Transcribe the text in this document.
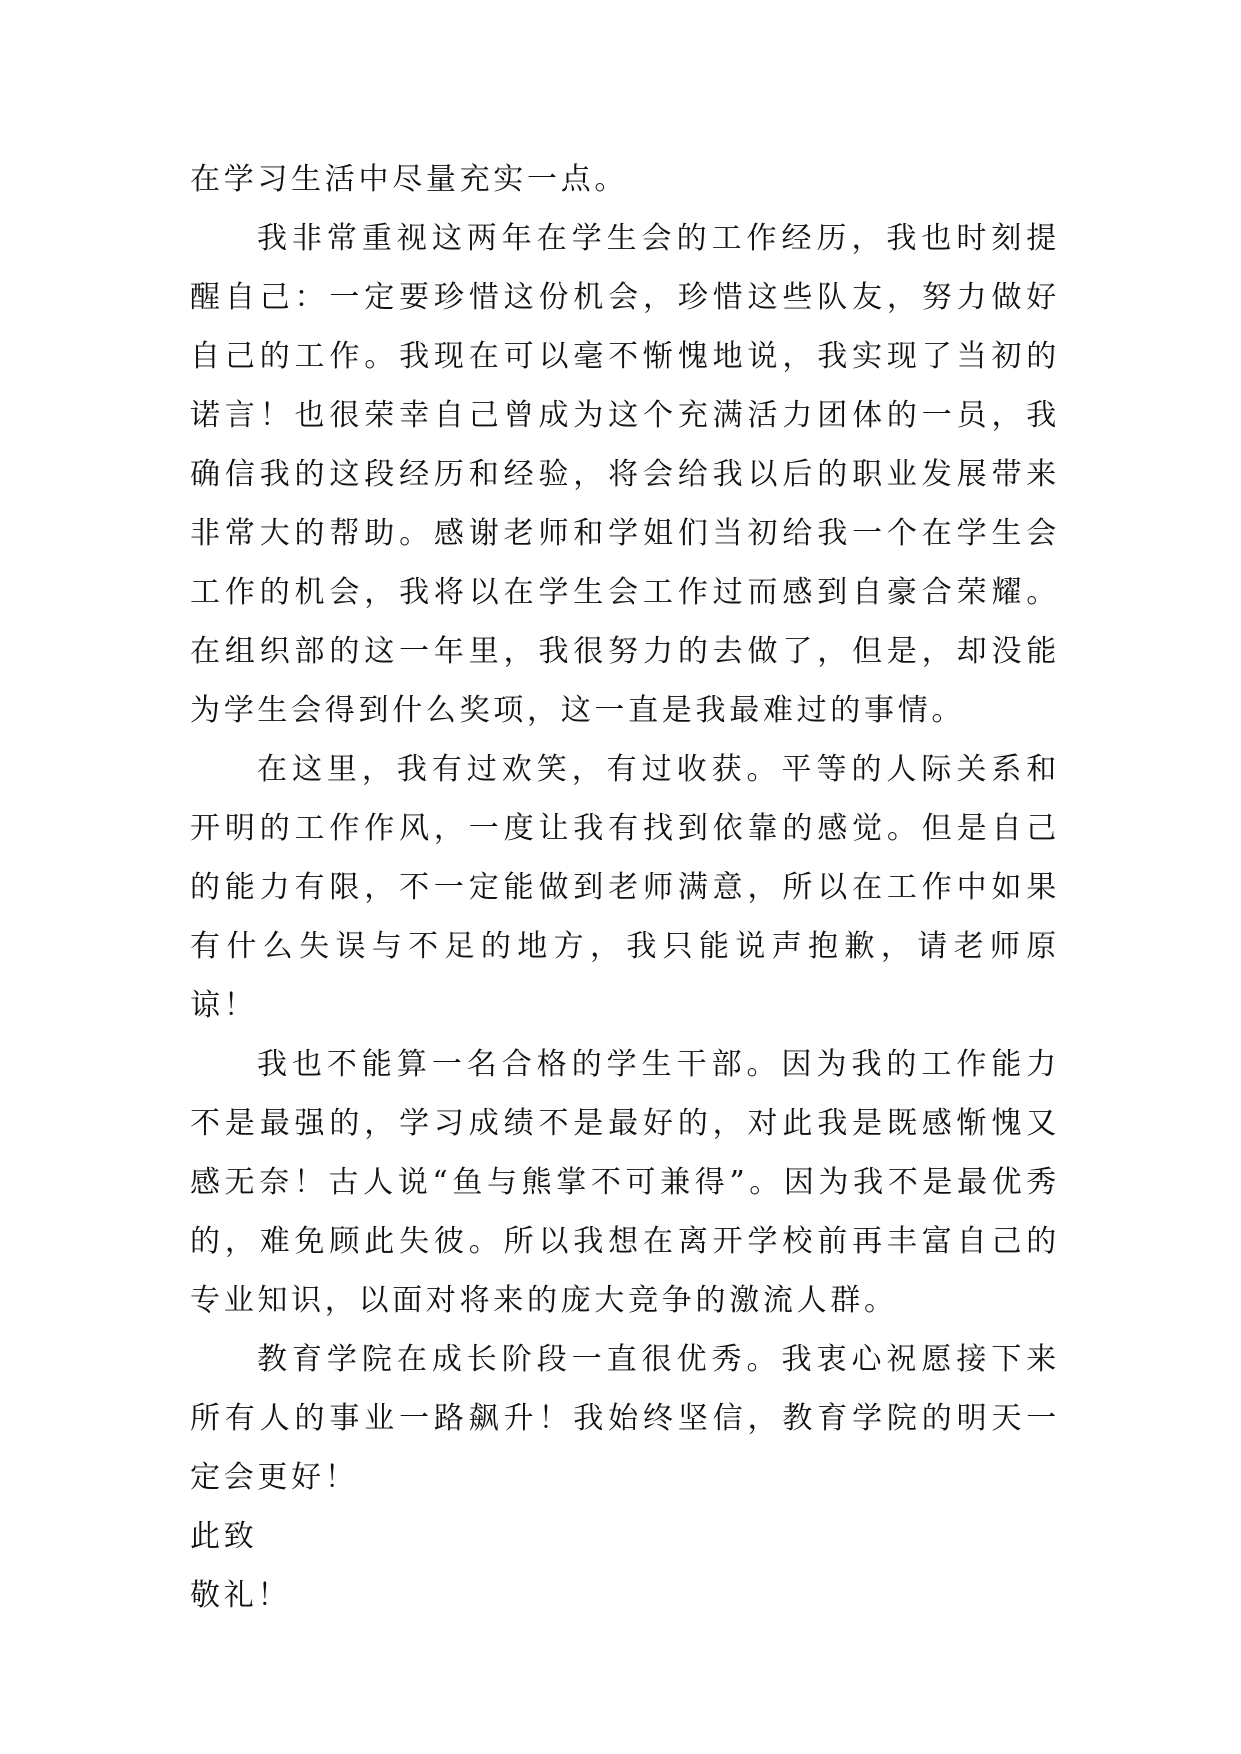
在学习生活中尽量充实一点。

我非常重视这两年在学生会的工作经历，我也时刻提醒自己：一定要珍惜这份机会，珍惜这些队友，努力做好自己的工作。我现在可以毫不惭愧地说，我实现了当初的诺言！也很荣幸自己曾成为这个充满活力团体的一员，我确信我的这段经历和经验，将会给我以后的职业发展带来非常大的帮助。感谢老师和学姐们当初给我一个在学生会工作的机会，我将以在学生会工作过而感到自豪合荣耀。在组织部的这一年里，我很努力的去做了，但是，却没能为学生会得到什么奖项，这一直是我最难过的事情。

在这里，我有过欢笑，有过收获。平等的人际关系和开明的工作作风，一度让我有找到依靠的感觉。但是自己的能力有限，不一定能做到老师满意，所以在工作中如果有什么失误与不足的地方，我只能说声抱歉，请老师原谅！

我也不能算一名合格的学生干部。因为我的工作能力不是最强的，学习成绩不是最好的，对此我是既感惭愧又感无奈！古人说“鱼与熊掌不可兼得”。因为我不是最优秀的，难免顾此失彼。所以我想在离开学校前再丰富自己的专业知识，以面对将来的庞大竞争的激流人群。

教育学院在成长阶段一直很优秀。我衷心祝愿接下来所有人的事业一路飙升！我始终坚信，教育学院的明天一定会更好！

此致

敬礼！
